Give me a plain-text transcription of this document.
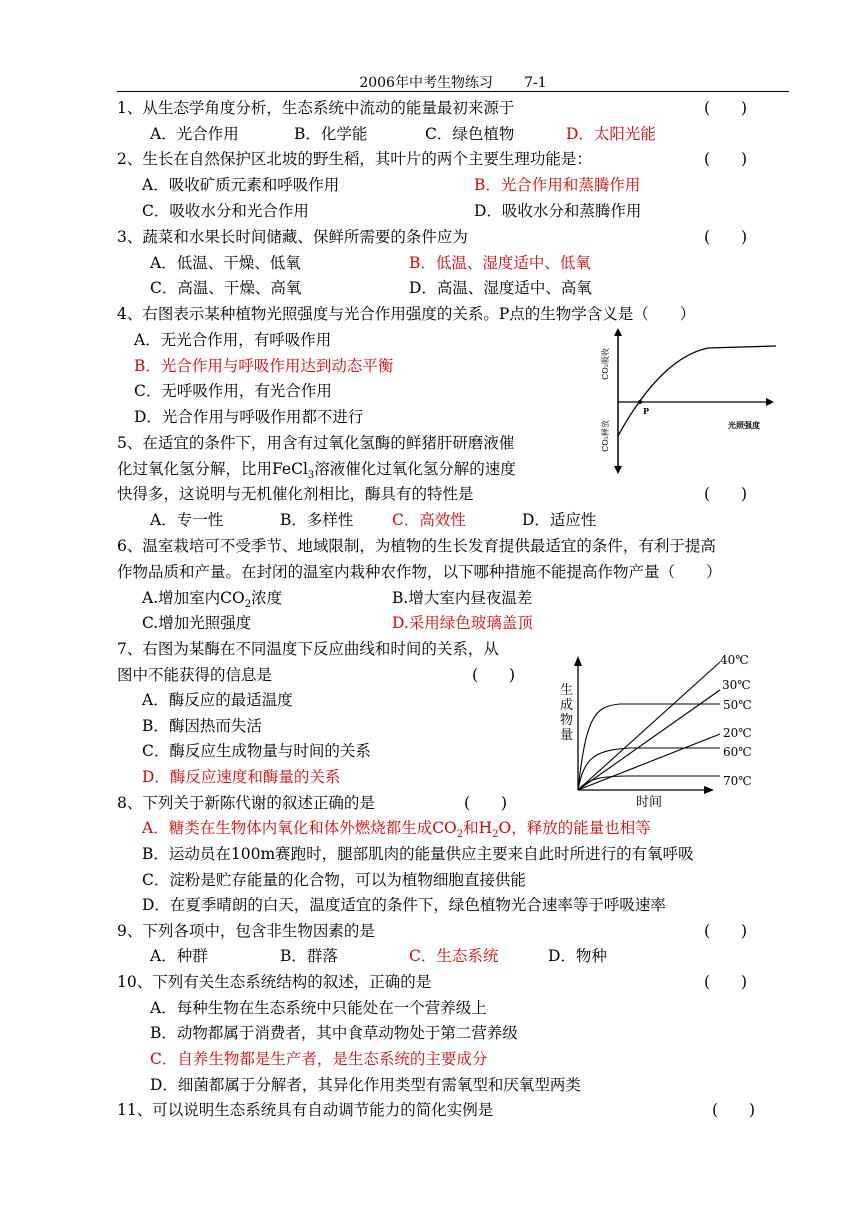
2006年中考生物练习 7-1
1、从生态学角度分析，生态系统中流动的能量最初来源于	(　　)
A．光合作用	B．化学能	C．绿色植物	D．太阳光能
2、生长在自然保护区北坡的野生稻，其叶片的两个主要生理功能是：	(　　)
A．吸收矿质元素和呼吸作用	B．光合作用和蒸腾作用
C．吸收水分和光合作用	D．吸收水分和蒸腾作用
3、蔬菜和水果长时间储藏、保鲜所需要的条件应为	(　　)
A．低温、干燥、低氧	B．低温、湿度适中、低氧
C．高温、干燥、高氧	D．高温、湿度适中、高氧
4、右图表示某种植物光照强度与光合作用强度的关系。P点的生物学含义是（　　）
A．无光合作用，有呼吸作用
B．光合作用与呼吸作用达到动态平衡
C．无呼吸作用，有光合作用
D．光合作用与呼吸作用都不进行	P
CO₂吸收
CO₂释放	光照强度
5、在适宜的条件下，用含有过氧化氢酶的鲜猪肝研磨液催
化过氧化氢分解，比用FeCl$_3$溶液催化过氧化氢分解的速度
快得多，这说明与无机催化剂相比，酶具有的特性是	(　　)
A．专一性	B．多样性 C．高效性	D．适应性
6、温室栽培可不受季节、地域限制，为植物的生长发育提供最适宜的条件，有利于提高
作物品质和产量。在封闭的温室内栽种农作物，以下哪种措施不能提高作物产量（　　）
A.增加室内$CO_2$浓度	B.增大室内昼夜温差
C.增加光照强度	D.采用绿色玻璃盖顶
7、右图为某酶在不同温度下反应曲线和时间的关系，从
图中不能获得的信息是	(　　)
A．酶反应的最适温度
B．酶因热而失活
C．酶反应生成物量与时间的关系
D．酶反应速度和酶量的关系
生
成
物
量
时间
40℃
30℃
50℃
20℃
60℃
70℃
8、下列关于新陈代谢的叙述正确的是	(　　)
A．糖类在生物体内氧化和体外燃烧都生成$CO_2$和$H_2O$，释放的能量也相等
B．运动员在100m赛跑时，腿部肌肉的能量供应主要来自此时所进行的有氧呼吸
C．淀粉是贮存能量的化合物，可以为植物细胞直接供能
D．在夏季晴朗的白天，温度适宜的条件下，绿色植物光合速率等于呼吸速率
9、下列各项中，包含非生物因素的是	(　　)
A．种群	B．群落	C．生态系统	D．物种
10、下列有关生态系统结构的叙述，正确的是	(　　)
A．每种生物在生态系统中只能处在一个营养级上
B．动物都属于消费者，其中食草动物处于第二营养级
C．自养生物都是生产者，是生态系统的主要成分
D．细菌都属于分解者，其异化作用类型有需氧型和厌氧型两类
11、可以说明生态系统具有自动调节能力的简化实例是	(　　)
